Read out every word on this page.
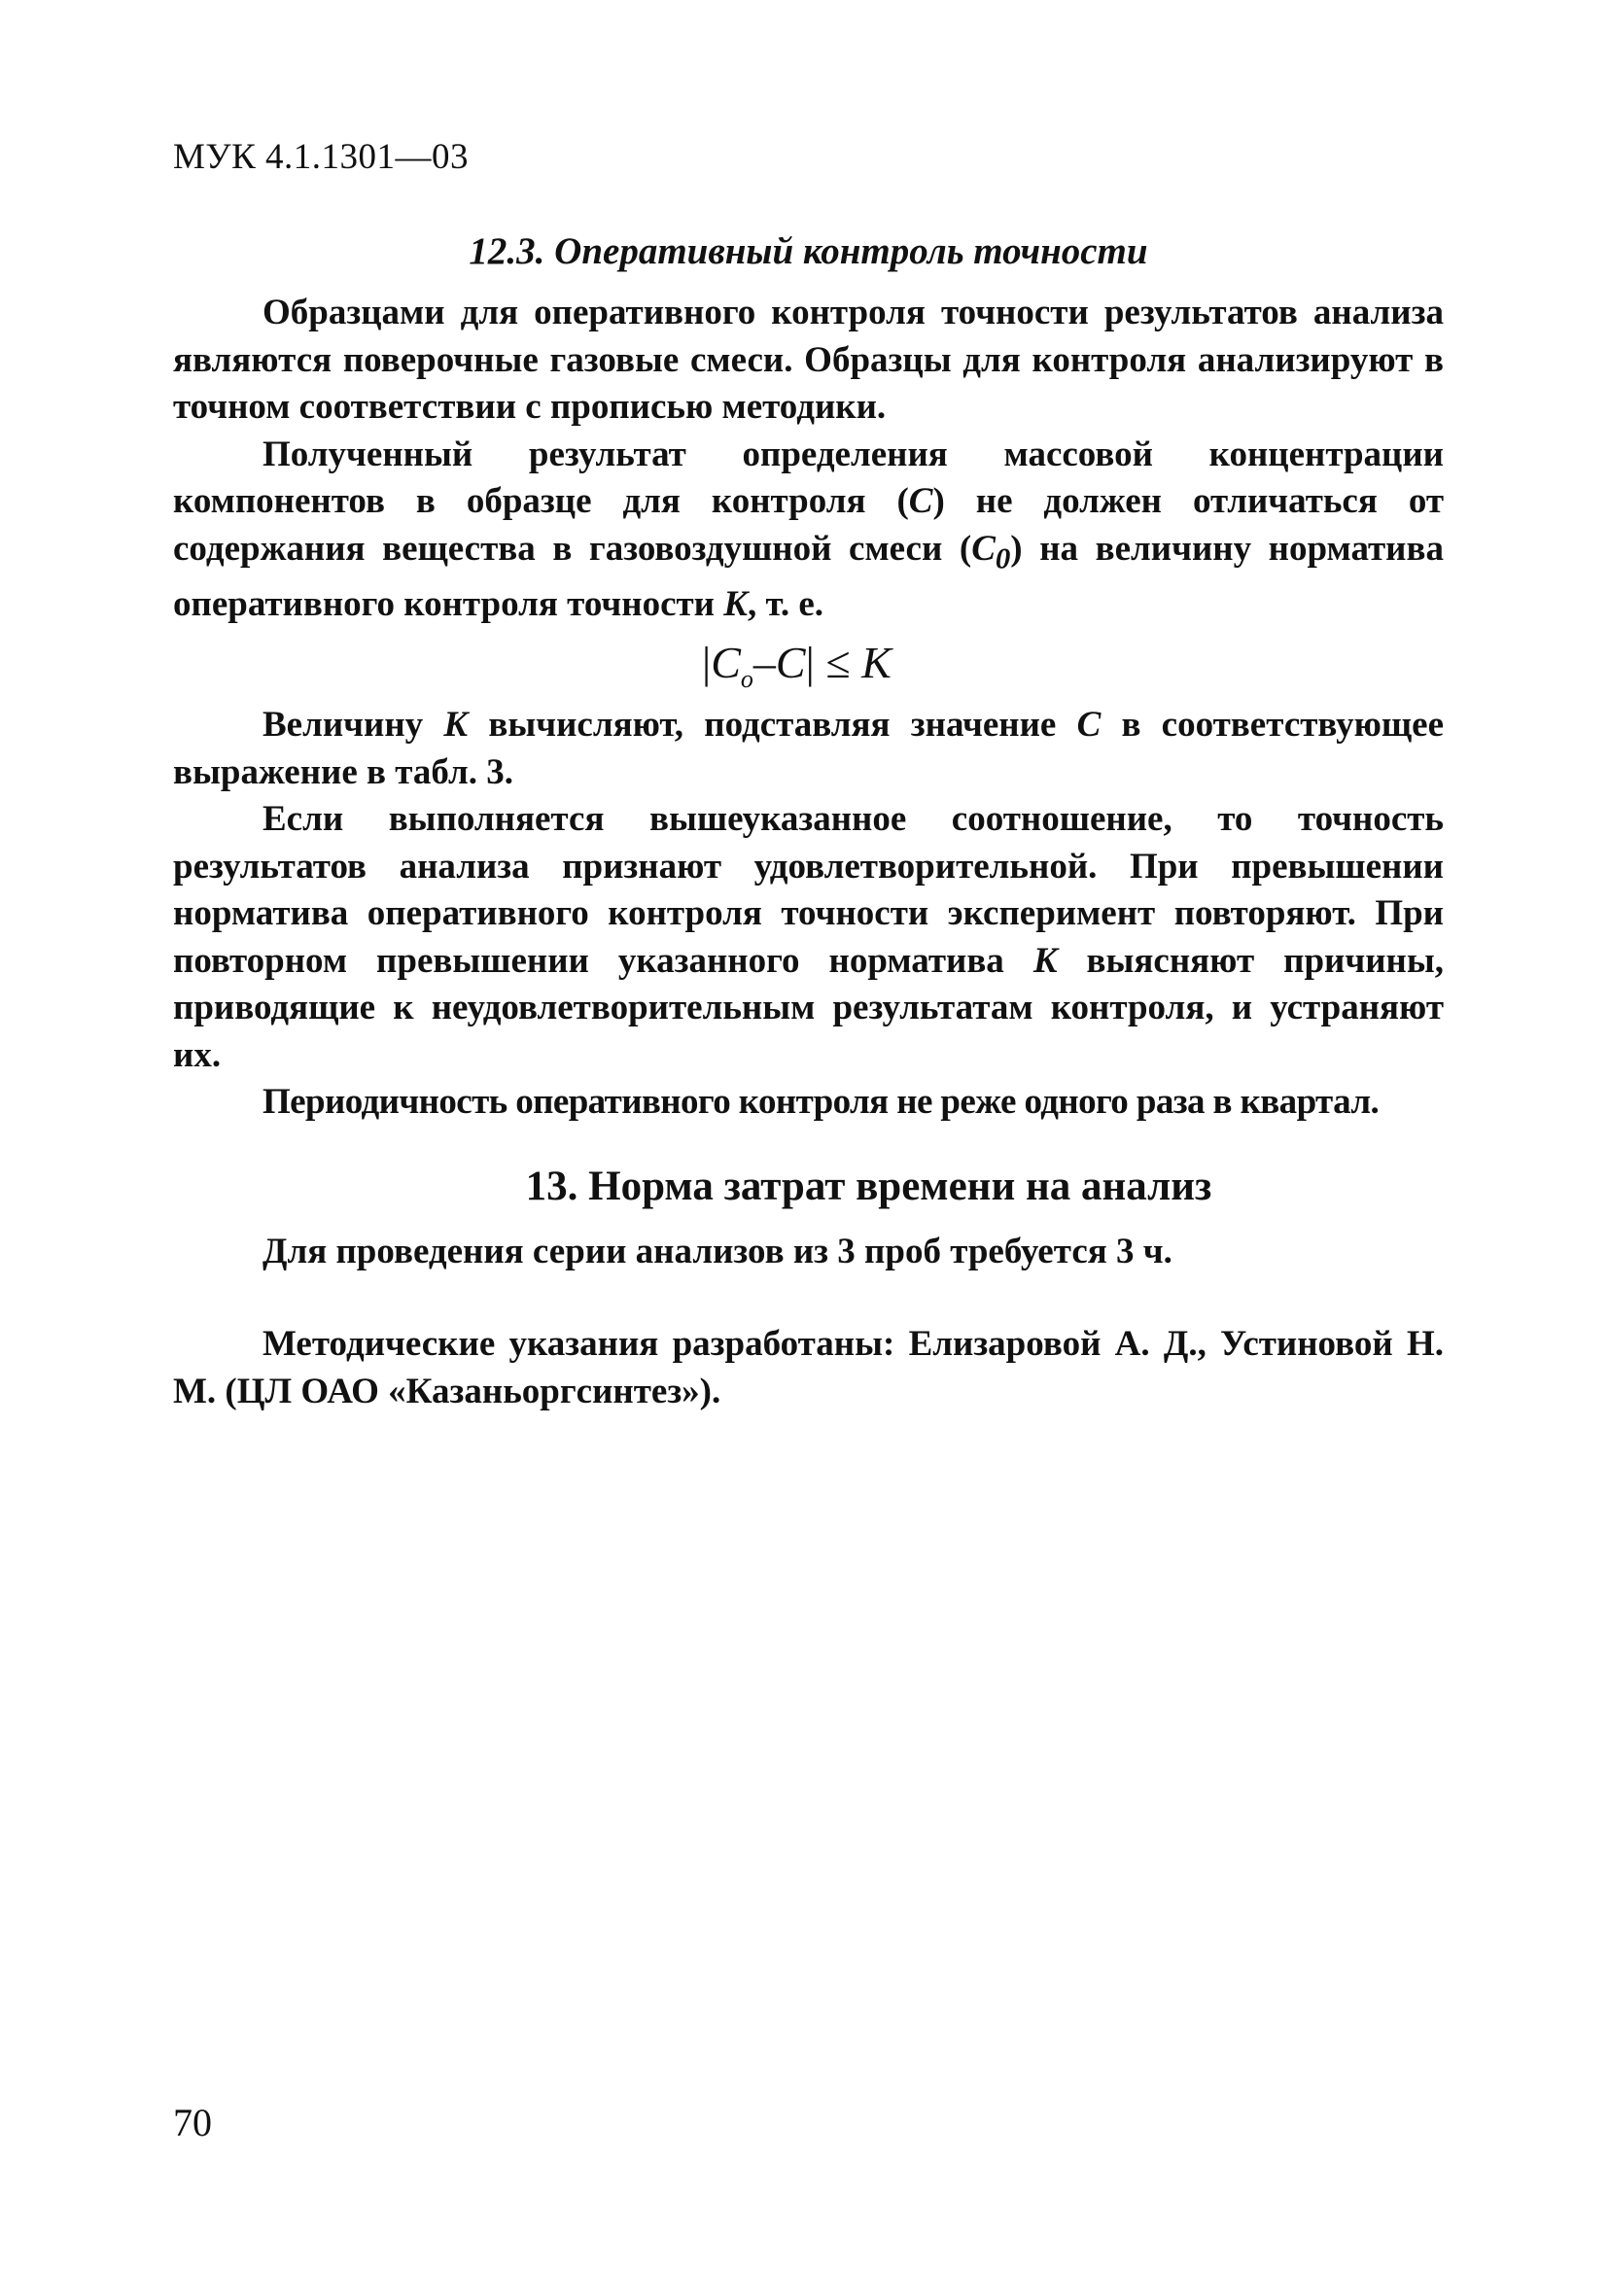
МУК 4.1.1301—03
12.3. Оперативный контроль точности

Образцами для оперативного контроля точности результатов анализа являются поверочные газовые смеси. Образцы для контроля анализируют в точном соответствии с прописью методики.

Полученный результат определения массовой концентрации компонентов в образце для контроля (C) не должен отличаться от содержания вещества в газовоздушной смеси $(C_0)$ на величину норматива оперативного контроля точности K, т. е.

$|C_o-C| \le K$

Величину K вычисляют, подставляя значение C в соответствующее выражение в табл. 3.

Если выполняется вышеуказанное соотношение, то точность результатов анализа признают удовлетворительной. При превышении норматива оперативного контроля точности эксперимент повторяют. При повторном превышении указанного норматива K выясняют причины, приводящие к неудовлетворительным результатам контроля, и устраняют их.

Периодичность оперативного контроля не реже одного раза в квартал.

13. Норма затрат времени на анализ

Для проведения серии анализов из 3 проб требуется 3 ч.

Методические указания разработаны: Елизаровой А. Д., Устиновой Н. М. (ЦЛ ОАО «Казаньоргсинтез»).

70
